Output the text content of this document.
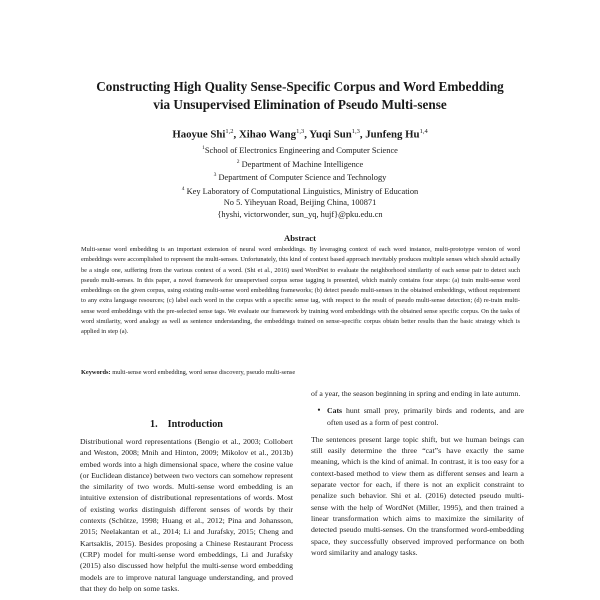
Constructing High Quality Sense-Specific Corpus and Word Embedding
via Unsupervised Elimination of Pseudo Multi-sense
Haoyue Shi$^{1,2}$, Xihao Wang$^{1,3}$, Yuqi Sun$^{1,3}$, Junfeng Hu$^{1,4}$
$^1$School of Electronics Engineering and Computer Science
$^2$ Department of Machine Intelligence
$^3$ Department of Computer Science and Technology
$^4$ Key Laboratory of Computational Linguistics, Ministry of Education
No 5. Yiheyuan Road, Beijing China, 100871
{hyshi, victorwonder, sun_yq, hujf}@pku.edu.cn
Abstract
Multi-sense word embedding is an important extension of neural word embeddings. By leveraging context of each word instance, multi-prototype version of word embeddings were accomplished to represent the multi-senses. Unfortunately, this kind of context based approach inevitably produces multiple senses which should actually be a single one, suffering from the various context of a word. (Shi et al., 2016) used WordNet to evaluate the neighborhood similarity of each sense pair to detect such pseudo multi-senses. In this paper, a novel framework for unsupervised corpus sense tagging is presented, which mainly contains four steps: (a) train multi-sense word embeddings on the given corpus, using existing multi-sense word embedding frameworks; (b) detect pseudo multi-senses in the obtained embeddings, without requirement to any extra language resources; (c) label each word in the corpus with a specific sense tag, with respect to the result of pseudo multi-sense detection; (d) re-train multi-sense word embeddings with the pre-selected sense tags. We evaluate our framework by training word embeddings with the obtained sense specific corpus. On the tasks of word similarity, word analogy as well as sentence understanding, the embeddings trained on sense-specific corpus obtain better results than the basic strategy which is applied in step (a).
Keywords: multi-sense word embedding, word sense discovery, pseudo multi-sense
1. Introduction
Distributional word representations (Bengio et al., 2003; Collobert and Weston, 2008; Mnih and Hinton, 2009; Mikolov et al., 2013b) embed words into a high dimensional space, where the cosine value (or Euclidean distance) between two vectors can somehow represent the similarity of two words. Multi-sense word embedding is an intuitive extension of distributional representations of words. Most of existing works distinguish different senses of words by their contexts (Schütze, 1998; Huang et al., 2012; Pina and Johansson, 2015; Neelakantan et al., 2014; Li and Jurafsky, 2015; Cheng and Kartsaklis, 2015). Besides proposing a Chinese Restaurant Process (CRP) model for multi-sense word embeddings, Li and Jurafsky (2015) also discussed how helpful the multi-sense word embedding models are to improve natural language understanding, and proved that they do help on some tasks.

of a year, the season beginning in spring and ending in late autumn.

• Cats hunt small prey, primarily birds and rodents, and are often used as a form of pest control.

The sentences present large topic shift, but we human beings can still easily determine the three “cat”s have exactly the same meaning, which is the kind of animal. In contrast, it is too easy for a context-based method to view them as different senses and learn a separate vector for each, if there is not an explicit constraint to penalize such behavior. Shi et al. (2016) detected pseudo multi-sense with the help of WordNet (Miller, 1995), and then trained a linear transformation which aims to maximize the similarity of detected pseudo multi-senses. On the transformed word-embedding space, they successfully observed improved performance on both word similarity and analogy tasks.
